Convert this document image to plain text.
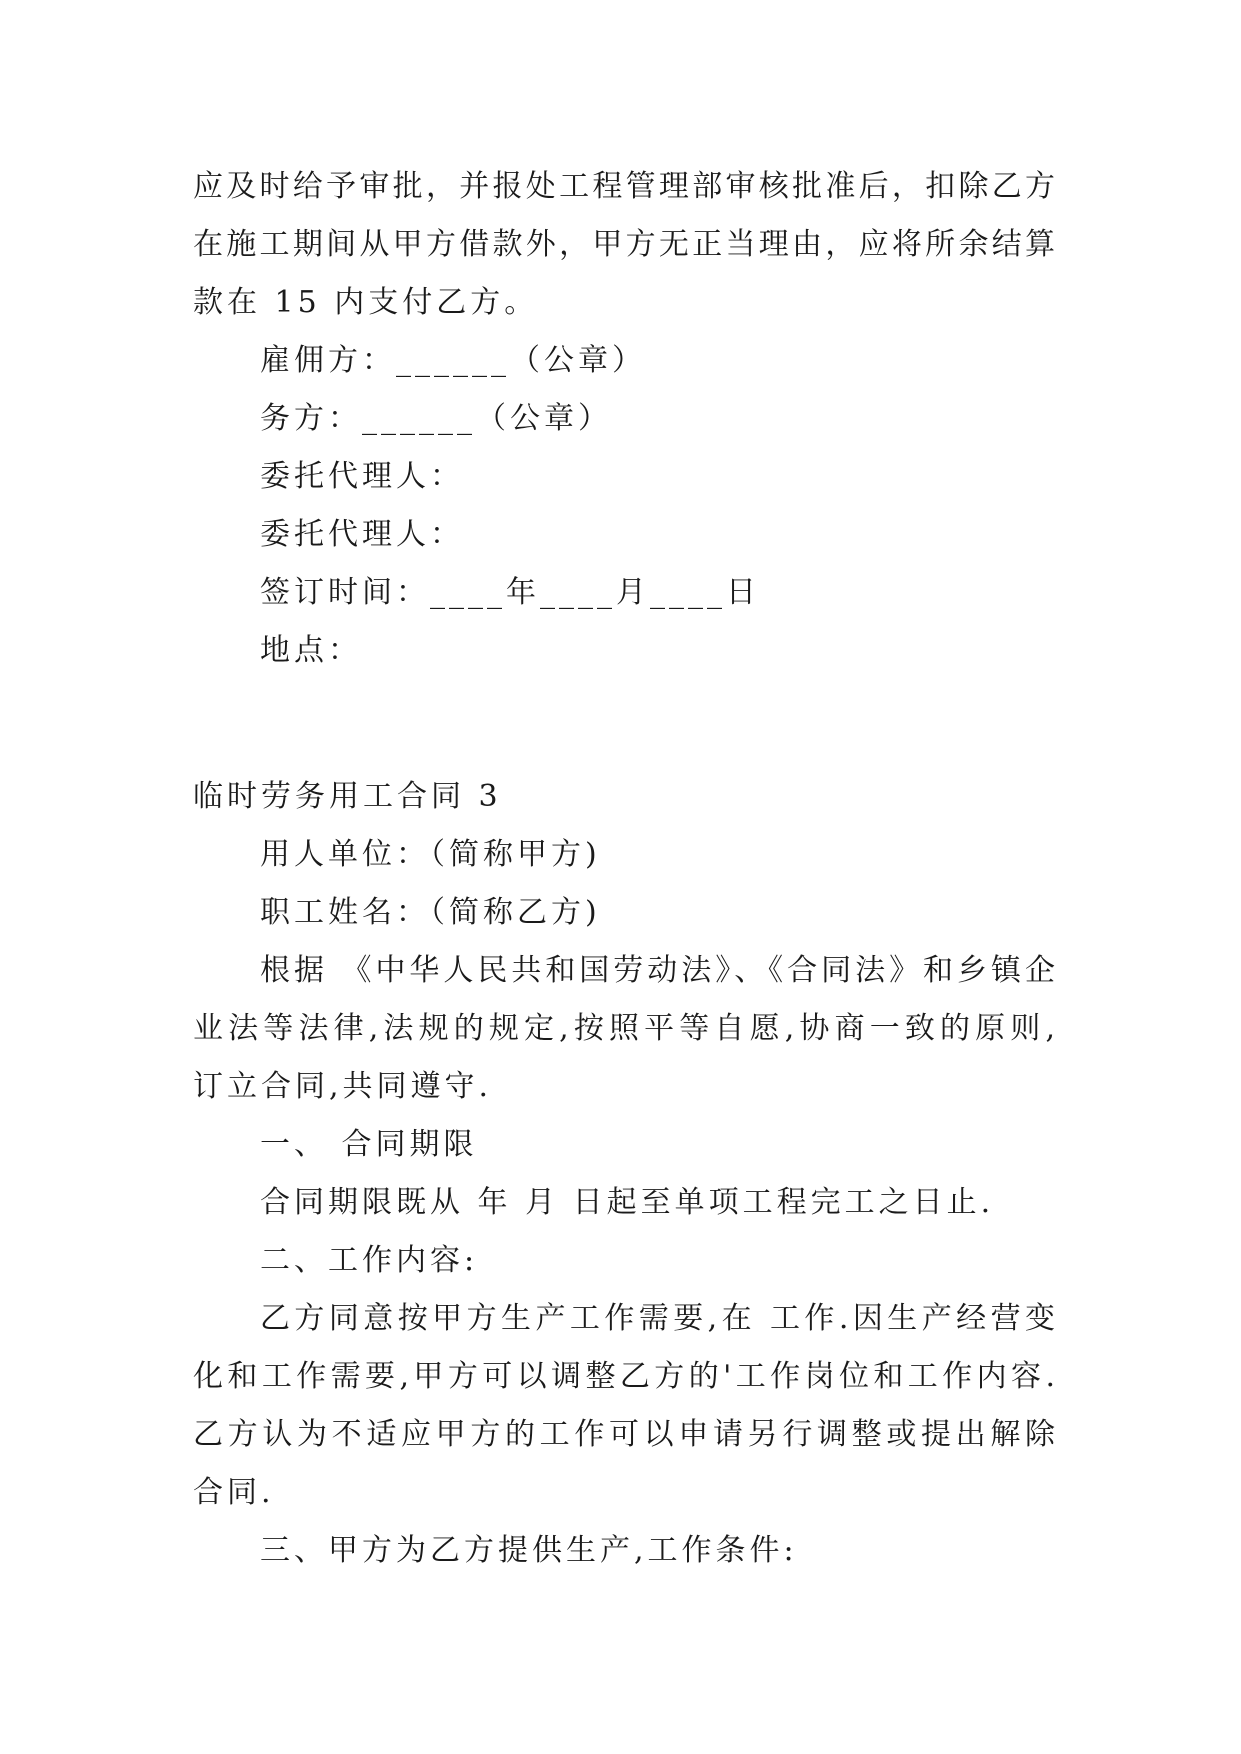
应及时给予审批，并报处工程管理部审核批准后，扣除乙方
在施工期间从甲方借款外，甲方无正当理由，应将所余结算
款在 15 内支付乙方。
雇佣方：______（公章）
务方：______（公章）
委托代理人：
委托代理人：
签订时间：____年____月____日
地点：
临时劳务用工合同 3
用人单位：（简称甲方)
职工姓名：（简称乙方)
根据 《中华人民共和国劳动法》、《合同法》和乡镇企
业法等法律,法规的规定,按照平等自愿,协商一致的原则,
订立合同,共同遵守.
一、 合同期限
合同期限既从 年 月 日起至单项工程完工之日止.
二、工作内容:
乙方同意按甲方生产工作需要,在 工作.因生产经营变
化和工作需要,甲方可以调整乙方的'工作岗位和工作内容.
乙方认为不适应甲方的工作可以申请另行调整或提出解除
合同.
三、甲方为乙方提供生产,工作条件:
